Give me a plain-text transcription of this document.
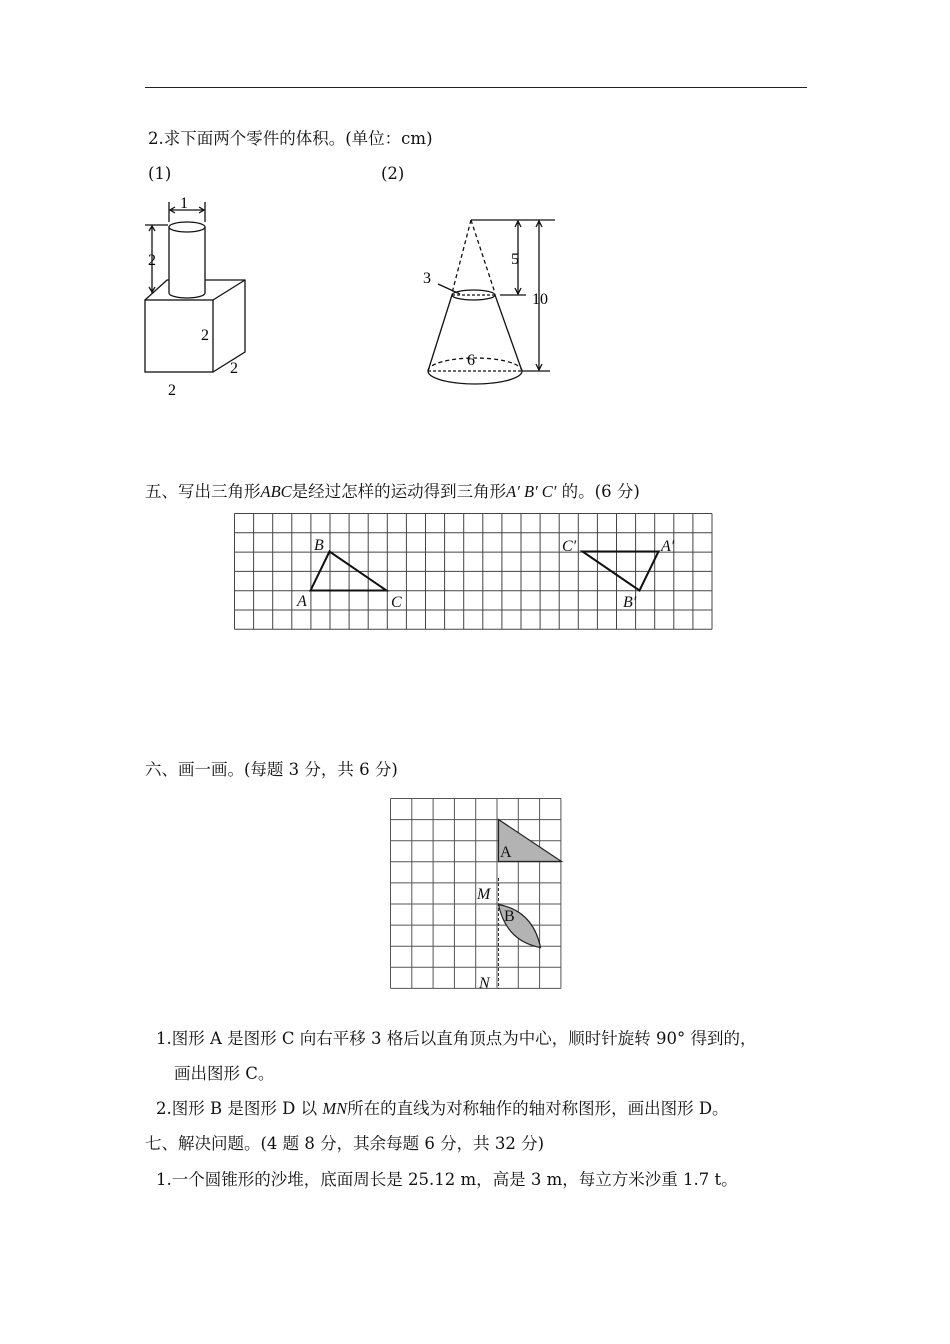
2.求下面两个零件的体积。(单位：cm)
(1)	(2)
1
2
2
2
2
3
5
10
6
五、写出三角形ABC是经过怎样的运动得到三角形A′ B′ C′ 的。(6 分)
B
A	C
C′	A′
B′
六、画一画。(每题 3 分，共 6 分)
A
B
M
N
1.图形 A 是图形 C 向右平移 3 格后以直角顶点为中心，顺时针旋转 90° 得到的，
画出图形 C。
2.图形 B 是图形 D 以 MN所在的直线为对称轴作的轴对称图形，画出图形 D。
七、解决问题。(4 题 8 分，其余每题 6 分，共 32 分)
1.一个圆锥形的沙堆，底面周长是 25.12 m，高是 3 m，每立方米沙重 1.7 t。
